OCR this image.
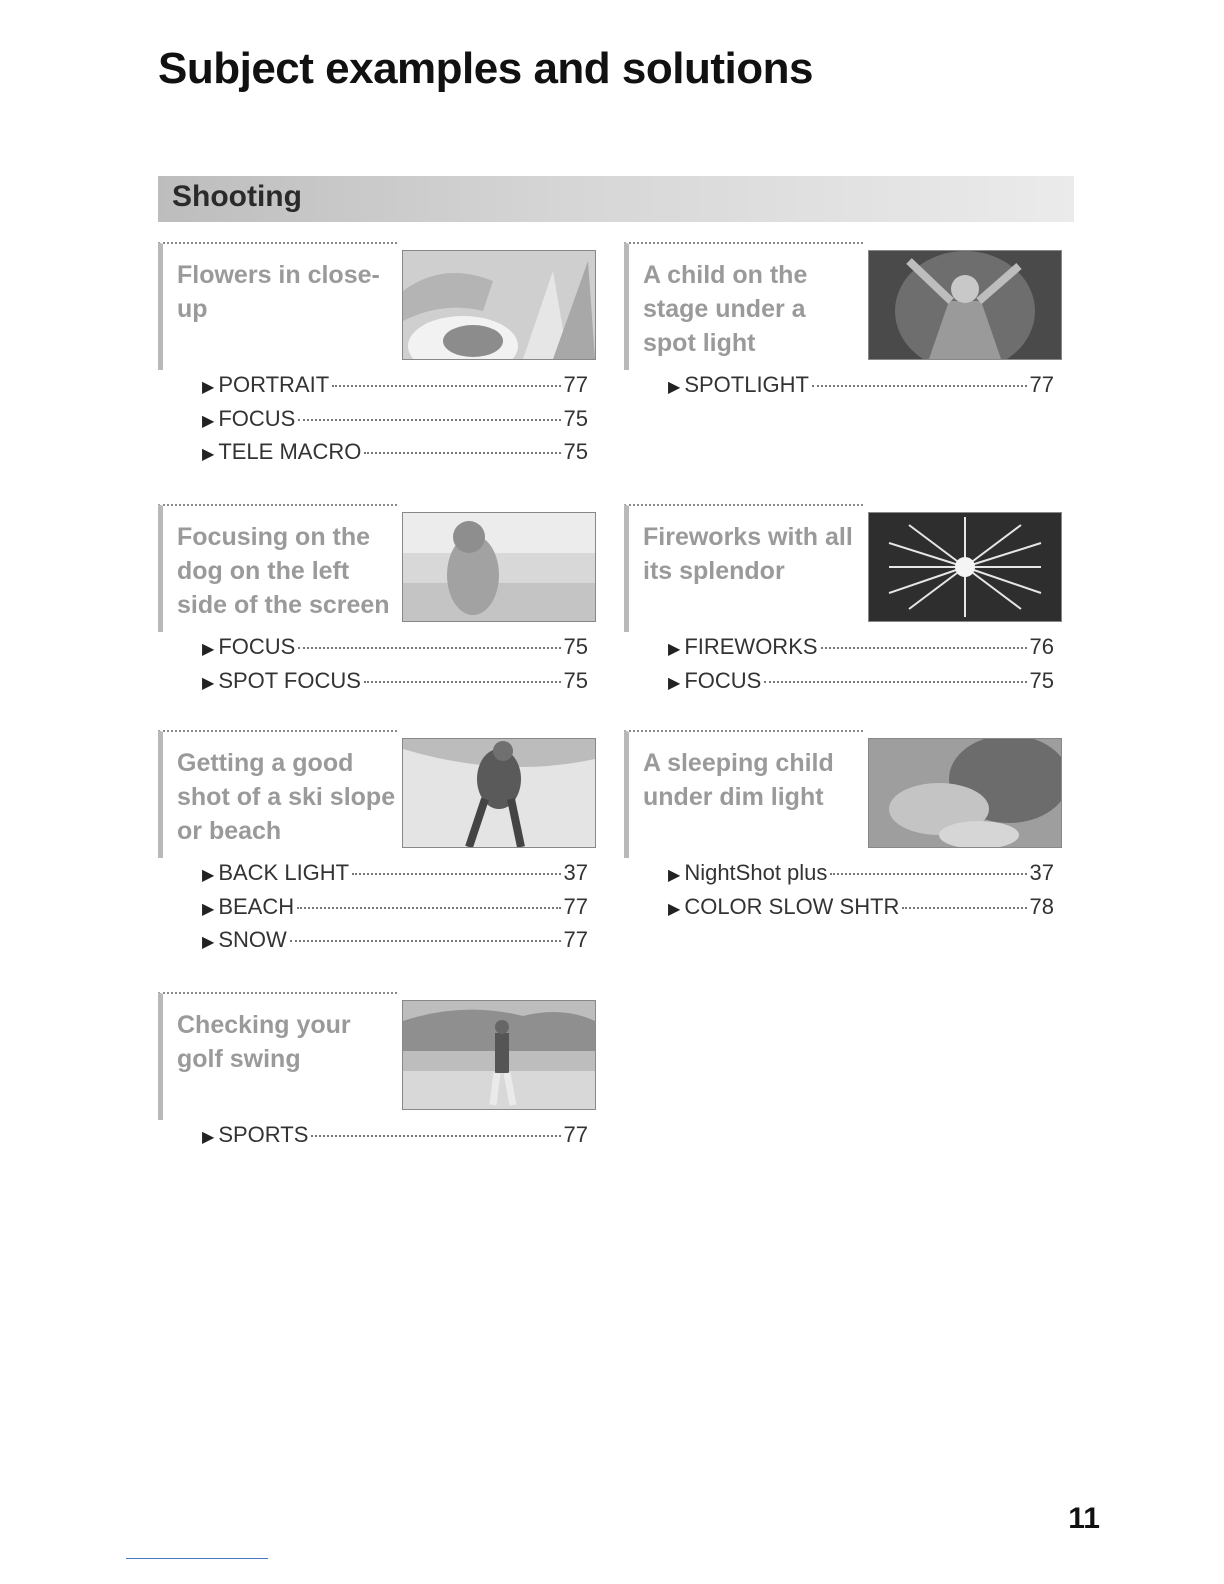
Subject examples and solutions
Shooting
Flowers in close-up
▶ PORTRAIT	77
▶ FOCUS	75
▶ TELE MACRO	75
A child on the stage under a spot light
▶ SPOTLIGHT	77
Focusing on the dog on the left side of the screen
▶ FOCUS	75
▶ SPOT FOCUS	75
Fireworks with all its splendor
▶ FIREWORKS	76
▶ FOCUS	75
Getting a good shot of a ski slope or beach
▶ BACK LIGHT	37
▶ BEACH	77
▶ SNOW	77
A sleeping child under dim light
▶ NightShot plus	37
▶ COLOR SLOW SHTR	78
Checking your golf swing
▶ SPORTS	77

11
